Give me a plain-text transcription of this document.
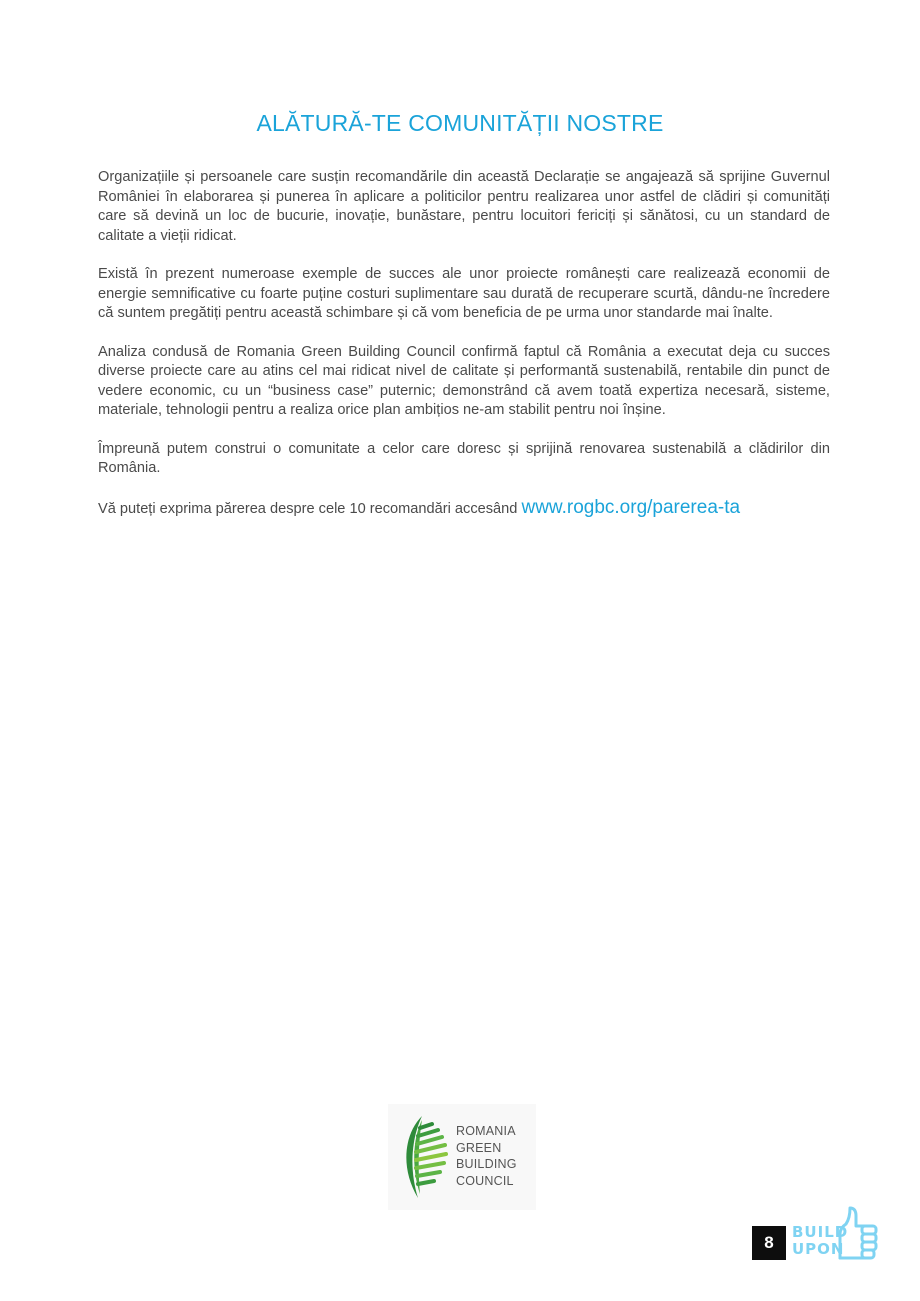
ALĂTURĂ-TE COMUNITĂȚII NOSTRE

Organizațiile și persoanele care susțin recomandările din această Declarație se angajează să sprijine Guvernul României în elaborarea și punerea în aplicare a politicilor pentru realizarea unor astfel de clădiri și comunități care să devină un loc de bucurie, inovație, bunăstare, pentru locuitori fericiți și sănătosi, cu un standard de calitate a vieții ridicat.

Există în prezent numeroase exemple de succes ale unor proiecte românești care realizează economii de energie semnificative cu foarte puține costuri suplimentare sau durată de recuperare scurtă, dându-ne încredere că suntem pregătiți pentru această schimbare și că vom beneficia de pe urma unor standarde mai înalte.

Analiza condusă de Romania Green Building Council confirmă faptul că România a executat deja cu succes diverse proiecte care au atins cel mai ridicat nivel de calitate și performantă sustenabilă, rentabile din punct de vedere economic, cu un “business case” puternic; demonstrând că avem toată expertiza necesară, sisteme, materiale, tehnologii pentru a realiza orice plan ambițios ne-am stabilit pentru noi înșine.

Împreună putem construi o comunitate a celor care doresc și sprijină renovarea sustenabilă a clădirilor din România.

Vă puteți exprima părerea despre cele 10 recomandări accesând www.rogbc.org/parerea-ta

ROMANIA
GREEN
BUILDING
COUNCIL
8
BUILD
UPON
